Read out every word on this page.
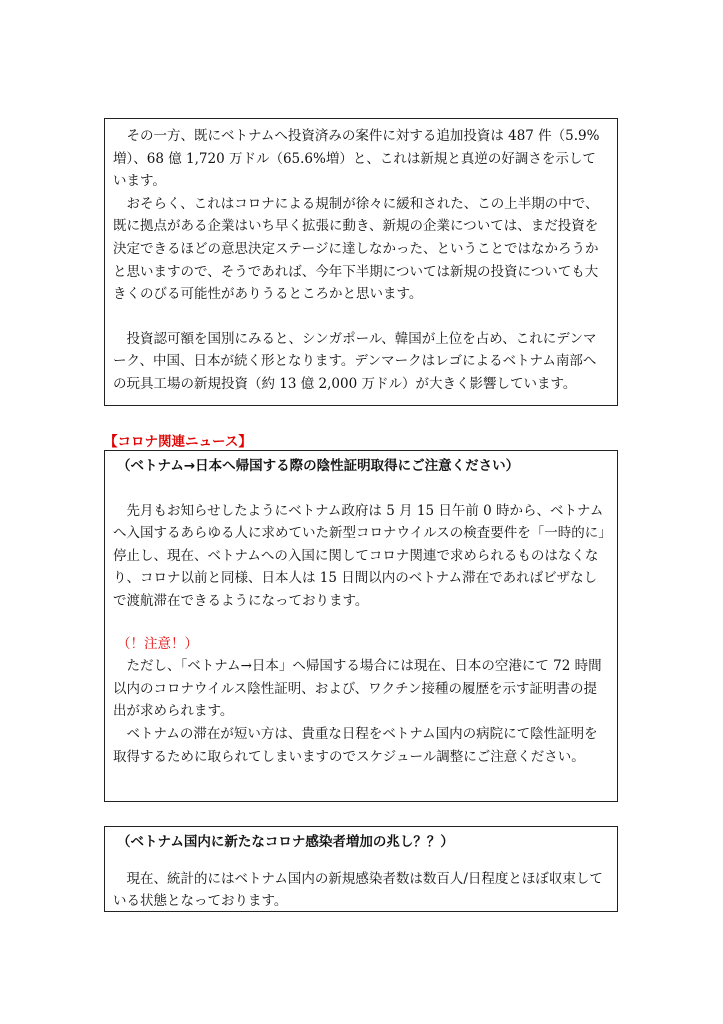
その一方、既にベトナムへ投資済みの案件に対する追加投資は 487 件（5.9%増）、68 億 1,720 万ドル（65.6%増）と、これは新規と真逆の好調さを示しています。

おそらく、これはコロナによる規制が徐々に緩和された、この上半期の中で、既に拠点がある企業はいち早く拡張に動き、新規の企業については、まだ投資を決定できるほどの意思決定ステージに達しなかった、ということではなかろうかと思いますので、そうであれば、今年下半期については新規の投資についても大きくのびる可能性がありうるところかと思います。

投資認可額を国別にみると、シンガポール、韓国が上位を占め、これにデンマーク、中国、日本が続く形となります。デンマークはレゴによるベトナム南部への玩具工場の新規投資（約 13 億 2,000 万ドル）が大きく影響しています。

【コロナ関連ニュース】

（ベトナム→日本へ帰国する際の陰性証明取得にご注意ください）

先月もお知らせしたようにベトナム政府は 5 月 15 日午前 0 時から、ベトナムへ入国するあらゆる人に求めていた新型コロナウイルスの検査要件を「一時的に」停止し、現在、ベトナムへの入国に関してコロナ関連で求められるものはなくなり、コロナ以前と同様、日本人は 15 日間以内のベトナム滞在であればビザなしで渡航滞在できるようになっております。

（！注意！）

ただし、「ベトナム→日本」へ帰国する場合には現在、日本の空港にて 72 時間以内のコロナウイルス陰性証明、および、ワクチン接種の履歴を示す証明書の提出が求められます。

ベトナムの滞在が短い方は、貴重な日程をベトナム国内の病院にて陰性証明を取得するために取られてしまいますのでスケジュール調整にご注意ください。

（ベトナム国内に新たなコロナ感染者増加の兆し？？）

現在、統計的にはベトナム国内の新規感染者数は数百人/日程度とほぼ収束している状態となっております。
